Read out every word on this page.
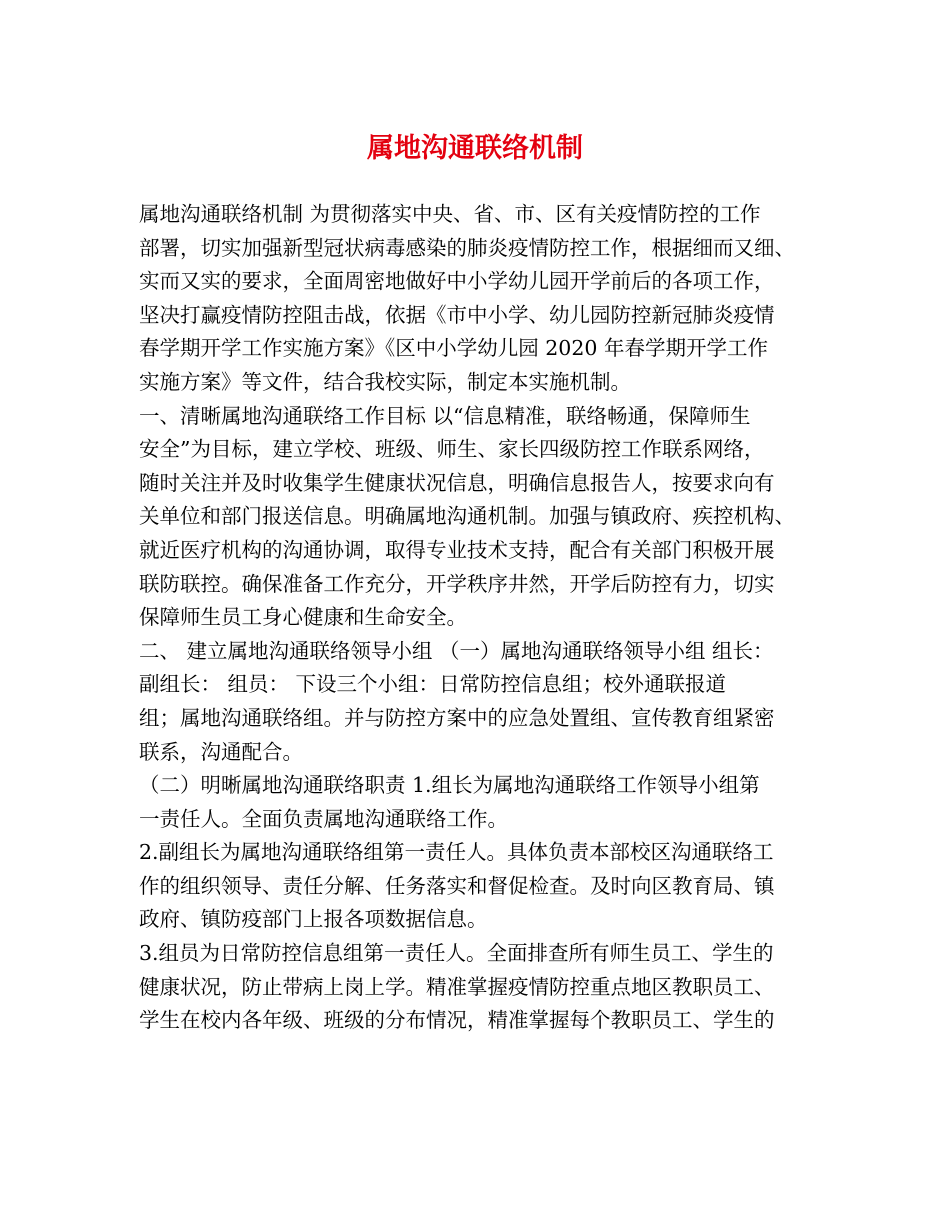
属地沟通联络机制
属地沟通联络机制 为贯彻落实中央、省、市、区有关疫情防控的工作
部署，切实加强新型冠状病毒感染的肺炎疫情防控工作，根据细而又细、
实而又实的要求，全面周密地做好中小学幼儿园开学前后的各项工作，
坚决打赢疫情防控阻击战，依据《市中小学、幼儿园防控新冠肺炎疫情
春学期开学工作实施方案》《区中小学幼儿园 2020 年春学期开学工作
实施方案》等文件，结合我校实际，制定本实施机制。
一、清晰属地沟通联络工作目标 以“信息精准，联络畅通，保障师生
安全”为目标，建立学校、班级、师生、家长四级防控工作联系网络，
随时关注并及时收集学生健康状况信息，明确信息报告人，按要求向有
关单位和部门报送信息。明确属地沟通机制。加强与镇政府、疾控机构、
就近医疗机构的沟通协调，取得专业技术支持，配合有关部门积极开展
联防联控。确保准备工作充分，开学秩序井然，开学后防控有力，切实
保障师生员工身心健康和生命安全。
二、 建立属地沟通联络领导小组 （一）属地沟通联络领导小组 组长：
副组长： 组员： 下设三个小组：日常防控信息组；校外通联报道
组；属地沟通联络组。并与防控方案中的应急处置组、宣传教育组紧密
联系，沟通配合。
（二）明晰属地沟通联络职责 1.组长为属地沟通联络工作领导小组第
一责任人。全面负责属地沟通联络工作。
2.副组长为属地沟通联络组第一责任人。具体负责本部校区沟通联络工
作的组织领导、责任分解、任务落实和督促检查。及时向区教育局、镇
政府、镇防疫部门上报各项数据信息。
3.组员为日常防控信息组第一责任人。全面排查所有师生员工、学生的
健康状况，防止带病上岗上学。精准掌握疫情防控重点地区教职员工、
学生在校内各年级、班级的分布情况，精准掌握每个教职员工、学生的
